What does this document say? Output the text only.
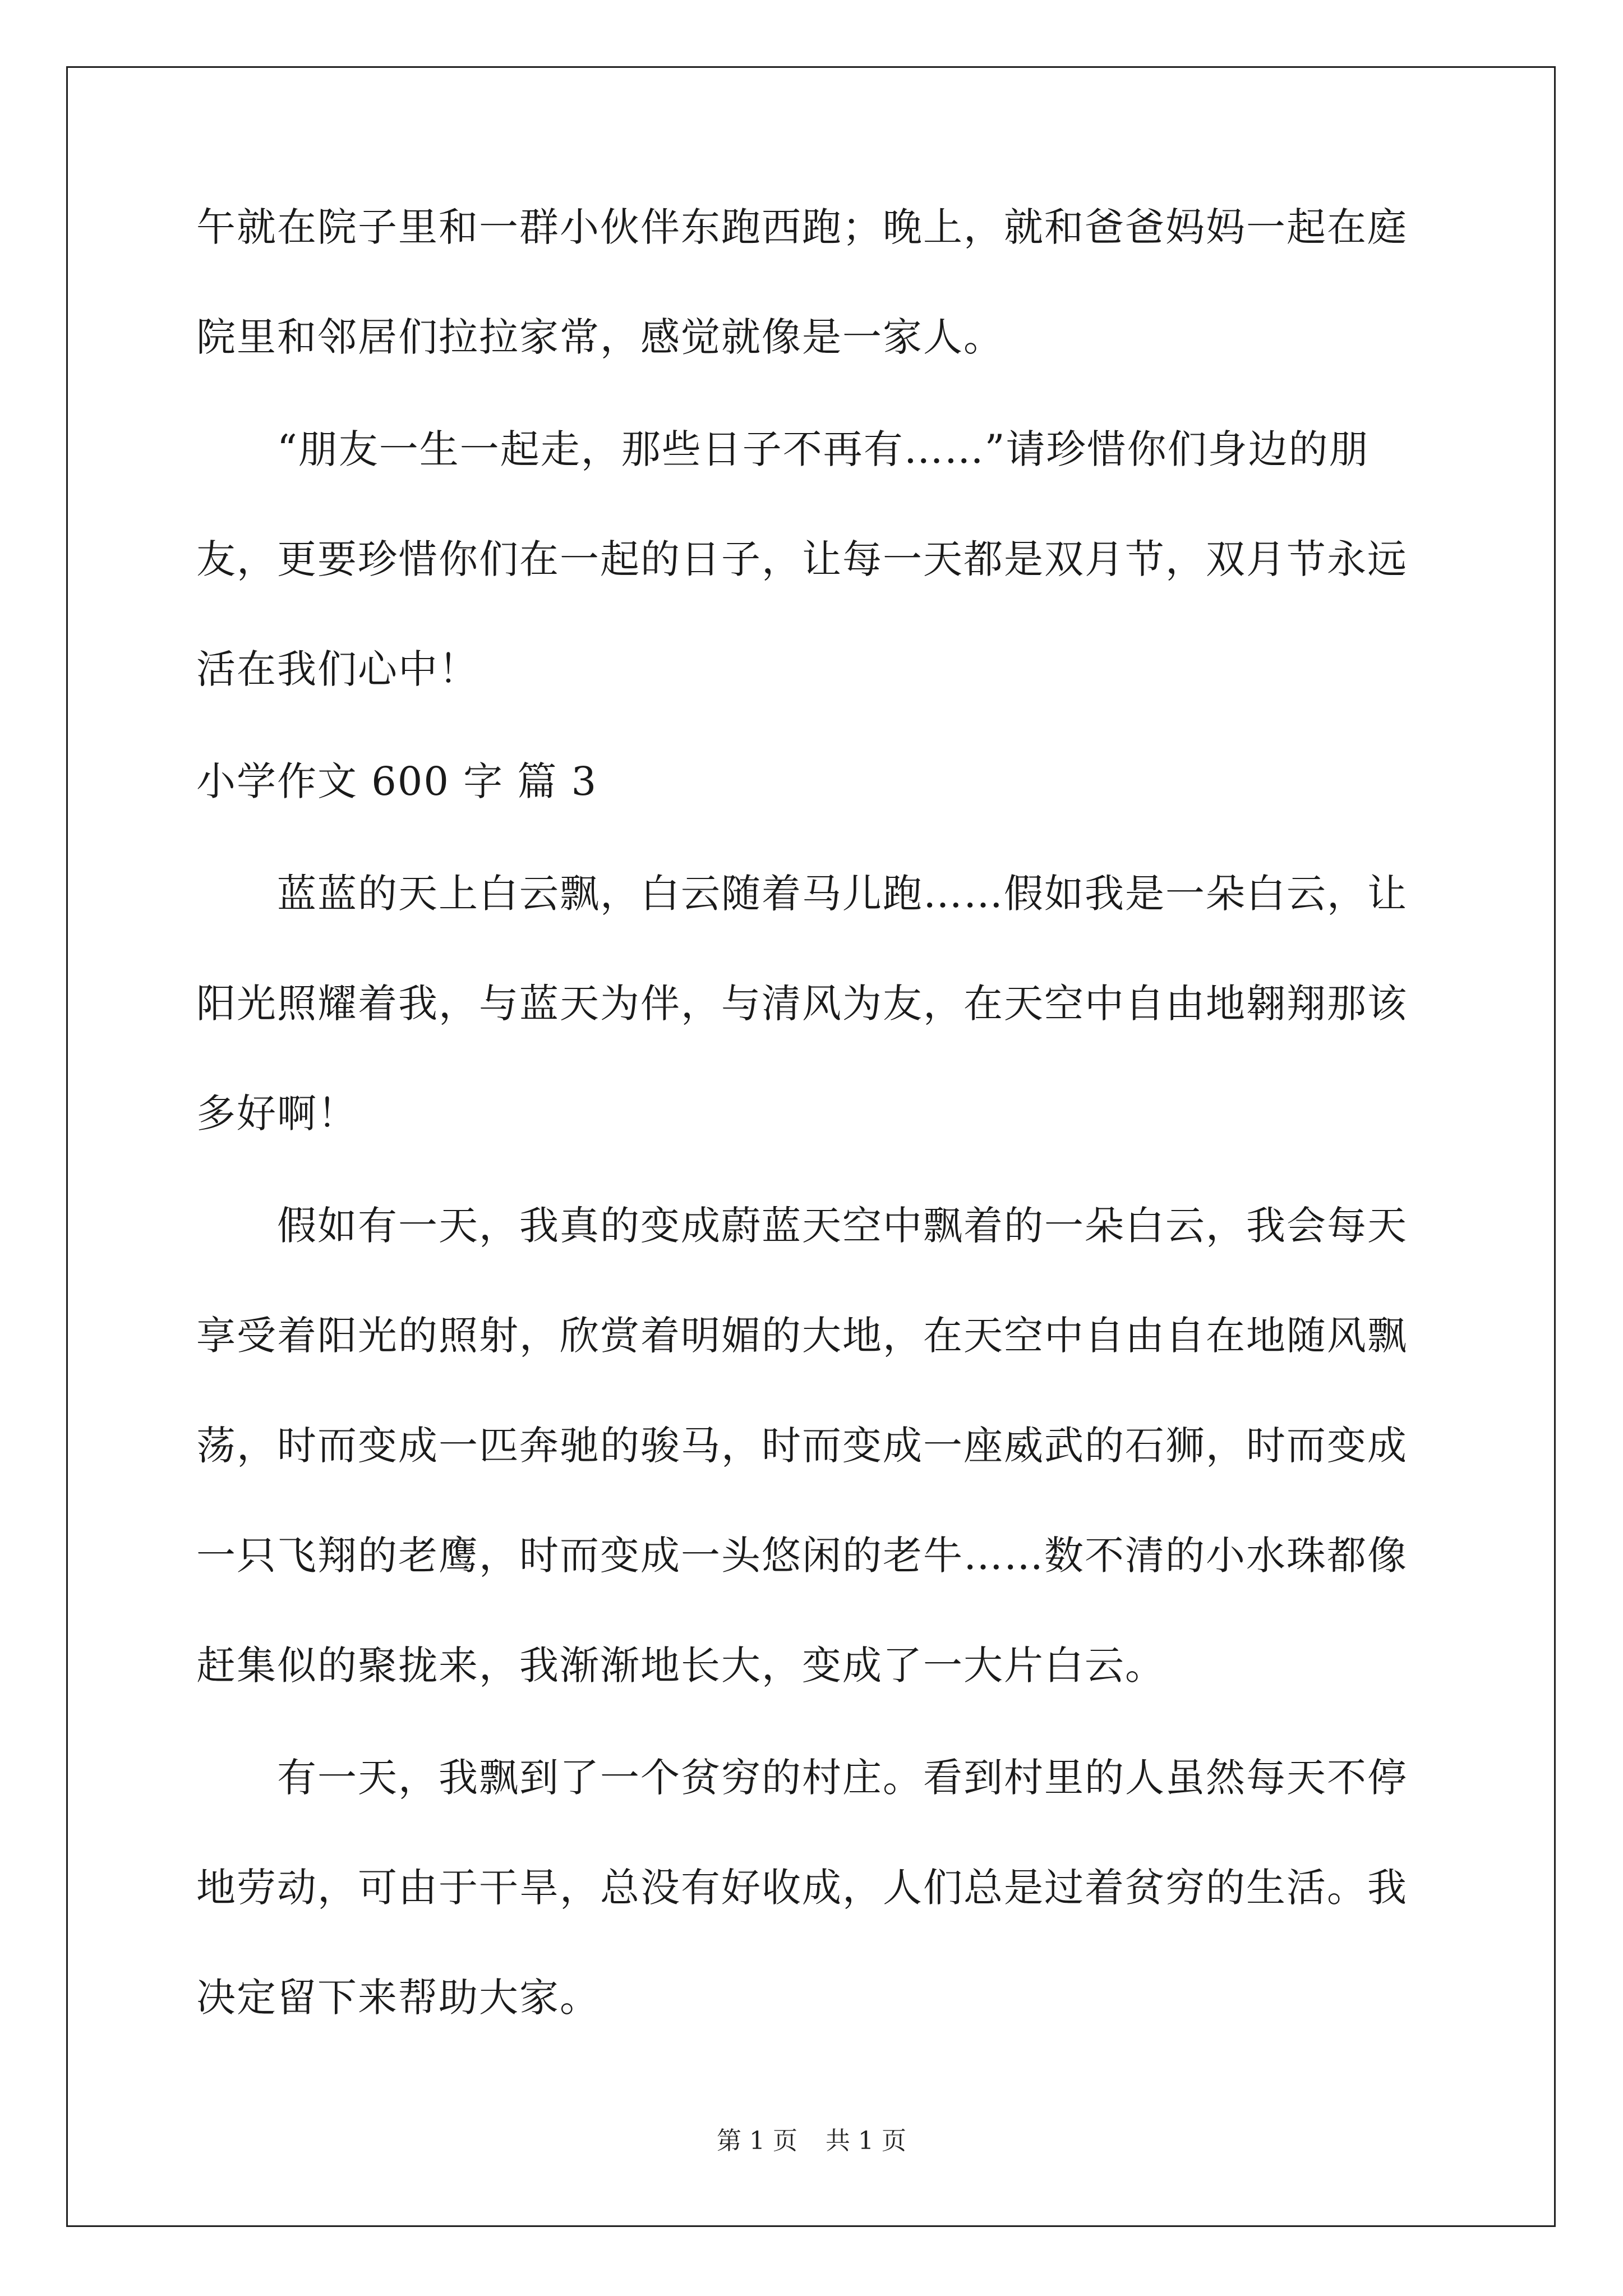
午就在院子里和一群小伙伴东跑西跑；晚上，就和爸爸妈妈一起在庭

院里和邻居们拉拉家常，感觉就像是一家人。

　　“朋友一生一起走，那些日子不再有……”请珍惜你们身边的朋

友，更要珍惜你们在一起的日子，让每一天都是双月节，双月节永远

活在我们心中！

小学作文 600 字 篇 3

　　蓝蓝的天上白云飘，白云随着马儿跑……假如我是一朵白云，让

阳光照耀着我，与蓝天为伴，与清风为友，在天空中自由地翱翔那该

多好啊！

　　假如有一天，我真的变成蔚蓝天空中飘着的一朵白云，我会每天

享受着阳光的照射，欣赏着明媚的大地，在天空中自由自在地随风飘

荡，时而变成一匹奔驰的骏马，时而变成一座威武的石狮，时而变成

一只飞翔的老鹰，时而变成一头悠闲的老牛……数不清的小水珠都像

赶集似的聚拢来，我渐渐地长大，变成了一大片白云。

　　有一天，我飘到了一个贫穷的村庄。看到村里的人虽然每天不停

地劳动，可由于干旱，总没有好收成，人们总是过着贫穷的生活。我

决定留下来帮助大家。

第 1 页 共 1 页
